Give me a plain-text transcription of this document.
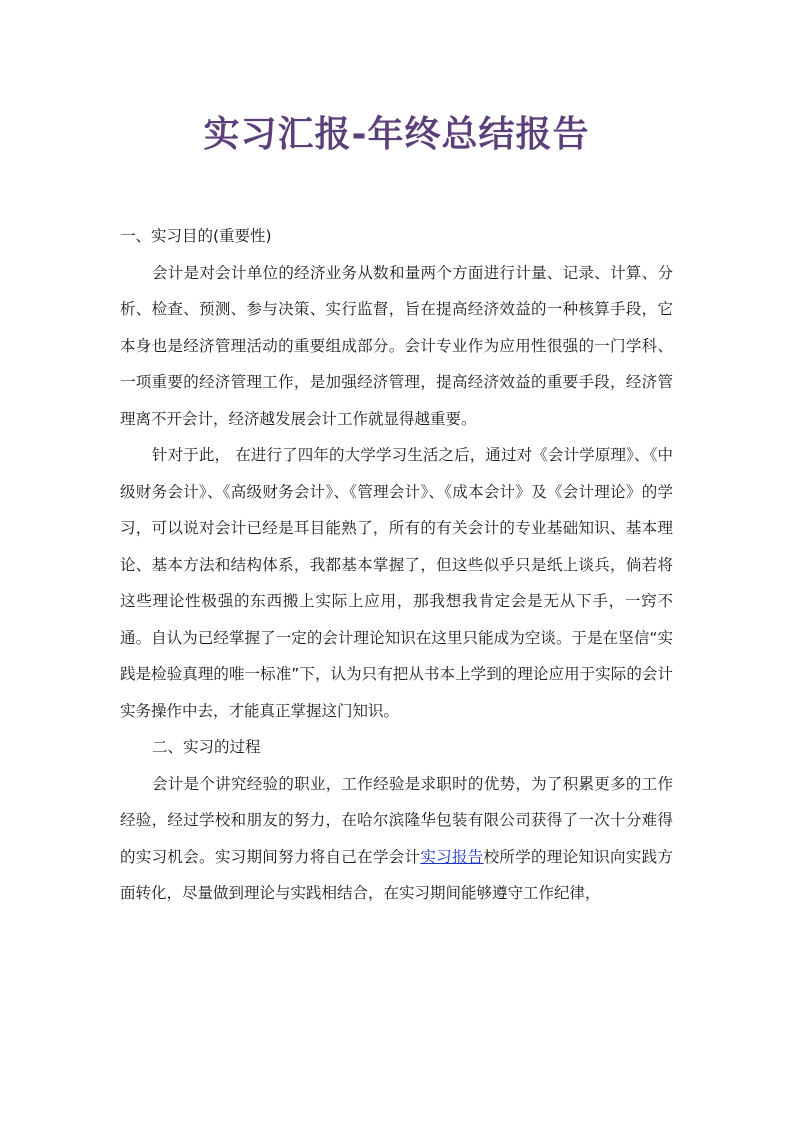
实习汇报-年终总结报告

一、实习目的(重要性)

会计是对会计单位的经济业务从数和量两个方面进行计量、记录、计算、分析、检查、预测、参与决策、实行监督，旨在提高经济效益的一种核算手段，它本身也是经济管理活动的重要组成部分。会计专业作为应用性很强的一门学科、一项重要的经济管理工作，是加强经济管理，提高经济效益的重要手段，经济管理离不开会计，经济越发展会计工作就显得越重要。

针对于此， 在进行了四年的大学学习生活之后，通过对《会计学原理》、《中级财务会计》、《高级财务会计》、《管理会计》、《成本会计》及《会计理论》的学习，可以说对会计已经是耳目能熟了，所有的有关会计的专业基础知识、基本理论、基本方法和结构体系，我都基本掌握了，但这些似乎只是纸上谈兵，倘若将这些理论性极强的东西搬上实际上应用，那我想我肯定会是无从下手，一窍不通。自认为已经掌握了一定的会计理论知识在这里只能成为空谈。于是在坚信“实践是检验真理的唯一标准”下，认为只有把从书本上学到的理论应用于实际的会计实务操作中去，才能真正掌握这门知识。

二、实习的过程

会计是个讲究经验的职业，工作经验是求职时的优势，为了积累更多的工作经验，经过学校和朋友的努力，在哈尔滨隆华包装有限公司获得了一次十分难得的实习机会。实习期间努力将自己在学会计实习报告校所学的理论知识向实践方面转化，尽量做到理论与实践相结合，在实习期间能够遵守工作纪律，
